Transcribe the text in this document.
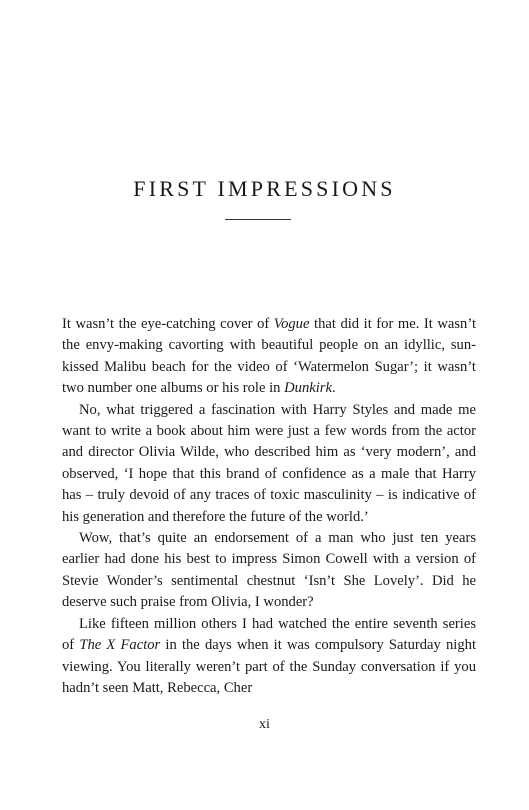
FIRST IMPRESSIONS

It wasn’t the eye-catching cover of Vogue that did it for me. It wasn’t the envy-making cavorting with beautiful people on an idyllic, sun-kissed Malibu beach for the video of ‘Watermelon Sugar’; it wasn’t two number one albums or his role in Dunkirk.

No, what triggered a fascination with Harry Styles and made me want to write a book about him were just a few words from the actor and director Olivia Wilde, who described him as ‘very modern’, and observed, ‘I hope that this brand of confidence as a male that Harry has – truly devoid of any traces of toxic masculinity – is indicative of his generation and therefore the future of the world.’

Wow, that’s quite an endorsement of a man who just ten years earlier had done his best to impress Simon Cowell with a version of Stevie Wonder’s sentimental chestnut ‘Isn’t She Lovely’. Did he deserve such praise from Olivia, I wonder?

Like fifteen million others I had watched the entire seventh series of The X Factor in the days when it was compulsory Saturday night viewing. You literally weren’t part of the Sunday conversation if you hadn’t seen Matt, Rebecca, Cher

xi
